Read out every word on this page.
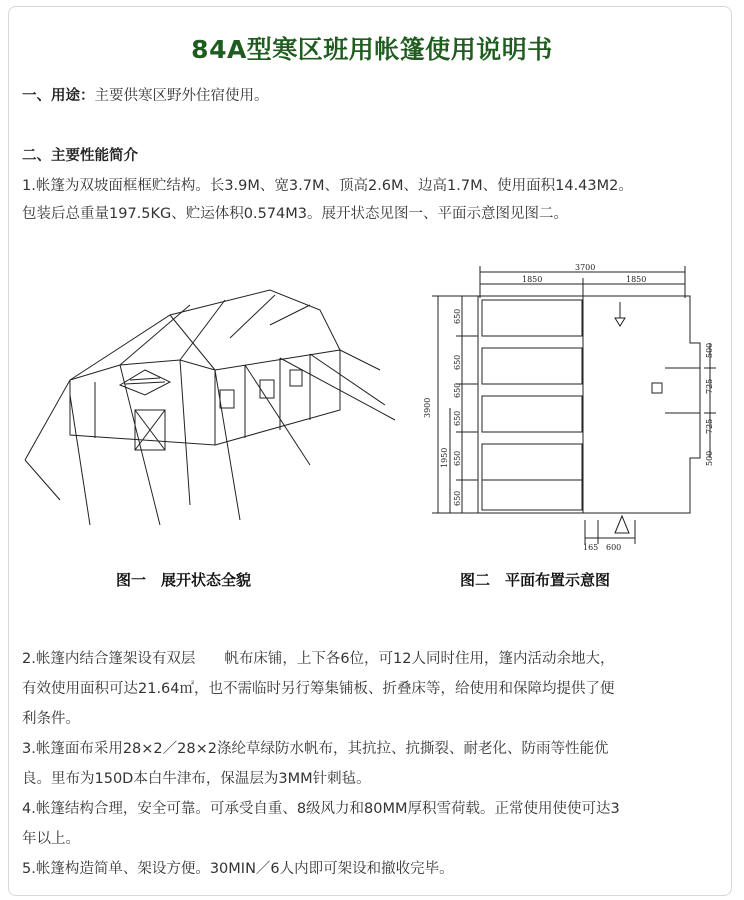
84A型寒区班用帐篷使用说明书
一、用途：主要供寒区野外住宿使用。
二、主要性能简介
1.帐篷为双坡面框框贮结构。长3.9M、宽3.7M、顶高2.6M、边高1.7M、使用面积14.43M2。
包装后总重量197.5KG、贮运体积0.574M3。展开状态见图一、平面示意图见图二。
图一　展开状态全貌
3700
1850	1850
3900
1950
650
650
650
650
650
650
500
725
725
500
165 600
图二　平面布置示意图
2.帐篷内结合篷架设有双层　　帆布床铺，上下各6位，可12人同时住用，篷内活动余地大，
有效使用面积可达21.64㎡，也不需临时另行筹集铺板、折叠床等，给使用和保障均提供了便
利条件。
3.帐篷面布采用28×2／28×2涤纶草绿防水帆布，其抗拉、抗撕裂、耐老化、防雨等性能优
良。里布为150D本白牛津布，保温层为3MM针刺毡。
4.帐篷结构合理，安全可靠。可承受自重、8级风力和80MM厚积雪荷载。正常使用使使可达3
年以上。
5.帐篷构造简单、架设方便。30MIN／6人内即可架设和撤收完毕。
